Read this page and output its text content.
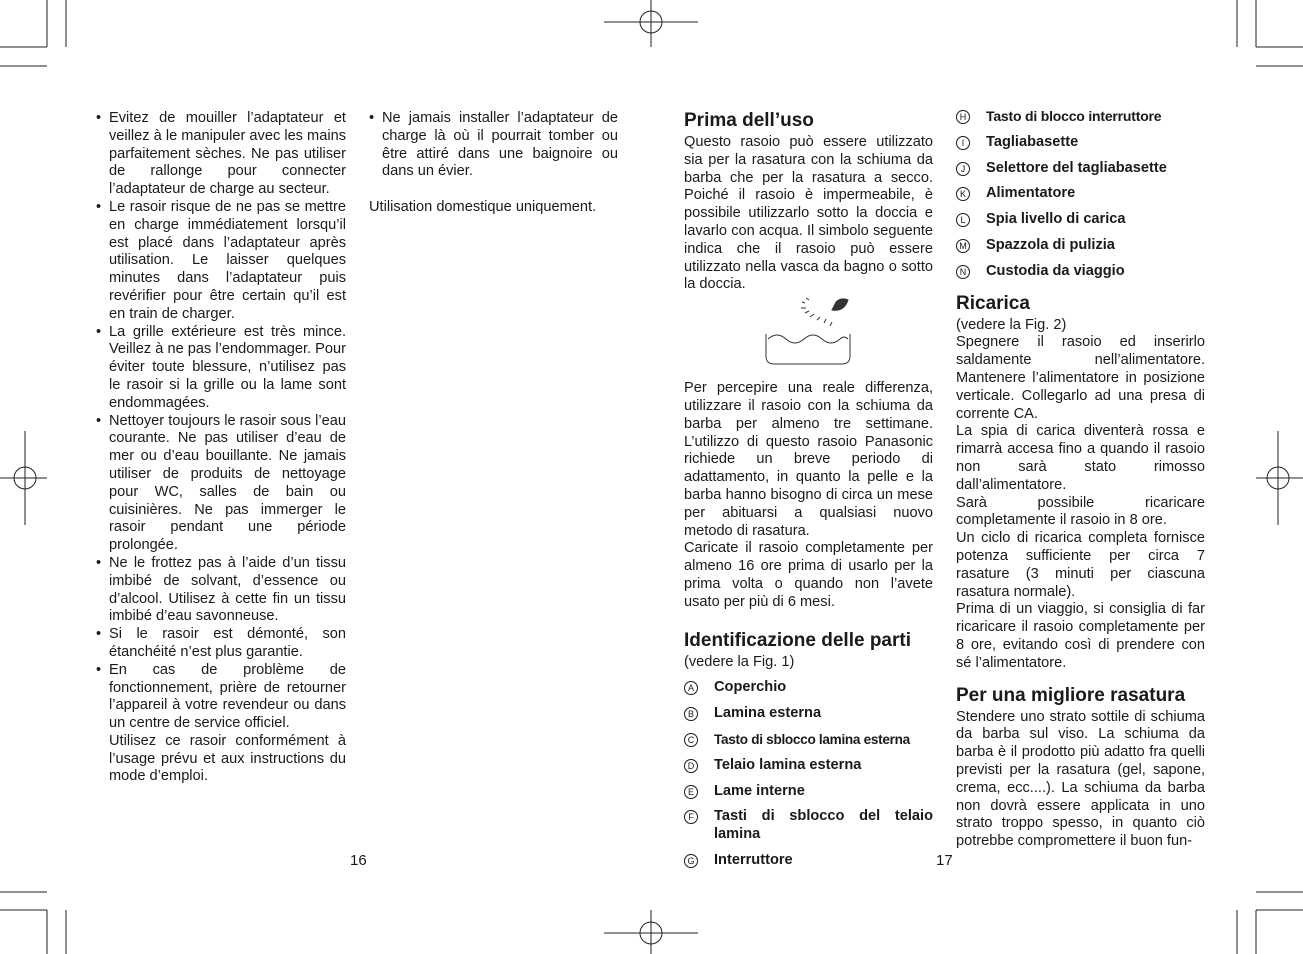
• Evitez de mouiller l’adaptateur et veillez à le manipuler avec les mains parfaitement sèches. Ne pas utiliser de rallonge pour connecter l’adaptateur de charge au secteur.
• Le rasoir risque de ne pas se mettre en charge immédiatement lorsqu’il est placé dans l’adaptateur après utilisation. Le laisser quelques minutes dans l’adaptateur puis revérifier pour être certain qu’il est en train de charger.
• La grille extérieure est très mince. Veillez à ne pas l’endommager. Pour éviter toute blessure, n’utilisez pas le rasoir si la grille ou la lame sont endommagées.
• Nettoyer toujours le rasoir sous l’eau courante. Ne pas utiliser d’eau de mer ou d’eau bouillante. Ne jamais utiliser de produits de nettoyage pour WC, salles de bain ou cuisinières. Ne pas immerger le rasoir pendant une période prolongée.
• Ne le frottez pas à l’aide d’un tissu imbibé de solvant, d’essence ou d’alcool. Utilisez à cette fin un tissu imbibé d’eau savonneuse.
• Si le rasoir est démonté, son étanchéité n’est plus garantie.
• En cas de problème de fonctionnement, prière de retourner l’appareil à votre revendeur ou dans un centre de service officiel.
Utilisez ce rasoir conformément à l’usage prévu et aux instructions du mode d’emploi.
• Ne jamais installer l’adaptateur de charge là où il pourrait tomber ou être attiré dans une baignoire ou dans un évier.
Utilisation domestique uniquement.
16
Prima dell’uso
Questo rasoio può essere utilizzato sia per la rasatura con la schiuma da barba che per la rasatura a secco. Poiché il rasoio è impermeabile, è possibile utilizzarlo sotto la doccia e lavarlo con acqua. Il simbolo seguente indica che il rasoio può essere utilizzato nella vasca da bagno o sotto la doccia.
Per percepire una reale differenza, utilizzare il rasoio con la schiuma da barba per almeno tre settimane. L’utilizzo di questo rasoio Panasonic richiede un breve periodo di adattamento, in quanto la pelle e la barba hanno bisogno di circa un mese per abituarsi a qualsiasi nuovo metodo di rasatura.
Caricate il rasoio completamente per almeno 16 ore prima di usarlo per la prima volta o quando non l’avete usato per più di 6 mesi.
Identificazione delle parti
(vedere la Fig. 1)
A Coperchio
B Lamina esterna
C Tasto di sblocco lamina esterna
D Telaio lamina esterna
E Lame interne
F Tasti di sblocco del telaio lamina
G Interruttore	17
H Tasto di blocco interruttore
I	Tagliabasette
J	Selettore del tagliabasette
K Alimentatore
L	Spia livello di carica
M Spazzola di pulizia
N Custodia da viaggio
Ricarica
(vedere la Fig. 2)
Spegnere il rasoio ed inserirlo saldamente nell’alimentatore. Mantenere l’alimentatore in posizione verticale. Collegarlo ad una presa di corrente CA.
La spia di carica diventerà rossa e rimarrà accesa fino a quando il rasoio non sarà stato rimosso dall’alimentatore.
Sarà possibile ricaricare completamente il rasoio in 8 ore.
Un ciclo di ricarica completa fornisce potenza sufficiente per circa 7 rasature (3 minuti per ciascuna rasatura normale).
Prima di un viaggio, si consiglia di far ricaricare il rasoio completamente per 8 ore, evitando così di prendere con sé l’alimentatore.
Per una migliore rasatura
Stendere uno strato sottile di schiuma da barba sul viso. La schiuma da barba è il prodotto più adatto fra quelli previsti per la rasatura (gel, sapone, crema, ecc....). La schiuma da barba non dovrà essere applicata in uno strato troppo spesso, in quanto ciò potrebbe compromettere il buon fun-
